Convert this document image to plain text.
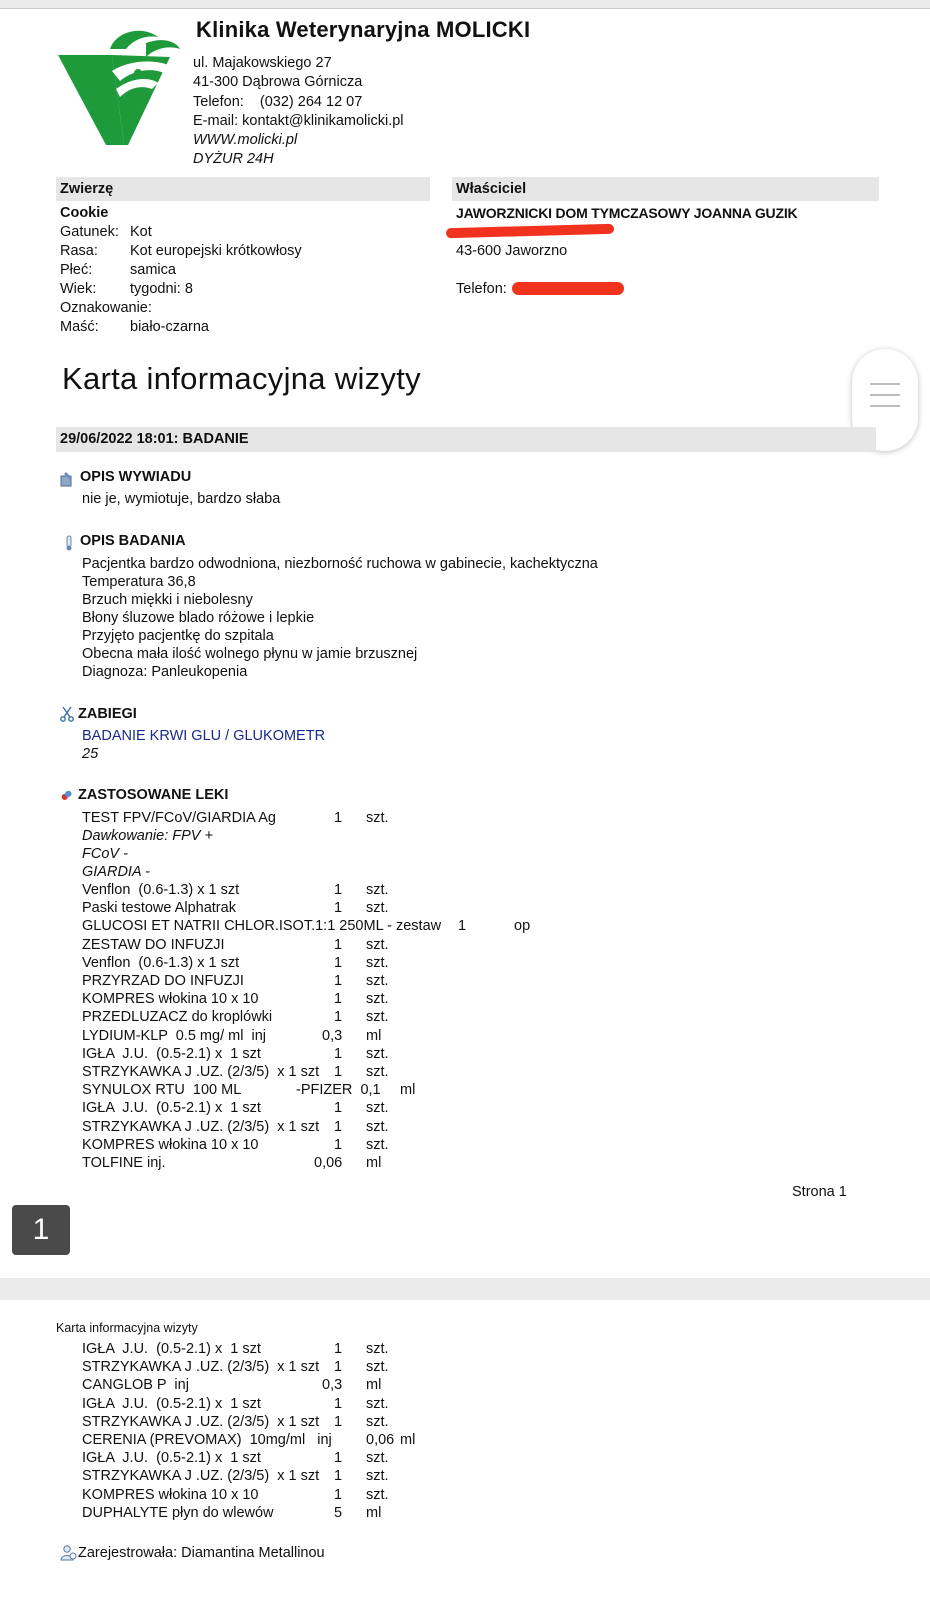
Klinika Weterynaryjna MOLICKI
ul. Majakowskiego 27
41-300 Dąbrowa Górnicza
Telefon:    (032) 264 12 07
E-mail: kontakt@klinikamolicki.pl
WWW.molicki.pl
DYŻUR 24H
Zwierzę	Właściciel
Cookie
Gatunek: Kot
Rasa: Kot europejski krótkowłosy
Płeć:	samica
Wiek: tygodni: 8
Oznakowanie:
Maść: biało-czarna
JAWORZNICKI DOM TYMCZASOWY JOANNA GUZIK
43-600 Jaworzno
Telefon:
Karta informacyjna wizyty
29/06/2022 18:01: BADANIE
OPIS WYWIADU
nie je, wymiotuje, bardzo słaba
OPIS BADANIA
Pacjentka bardzo odwodniona, niezborność ruchowa w gabinecie, kachektyczna
Temperatura 36,8
Brzuch miękki i niebolesny
Błony śluzowe blado różowe i lepkie
Przyjęto pacjentkę do szpitala
Obecna mała ilość wolnego płynu w jamie brzusznej
Diagnoza: Panleukopenia
ZABIEGI
BADANIE KRWI GLU / GLUKOMETR
25
ZASTOSOWANE LEKI
TEST FPV/FCoV/GIARDIA Ag	1 szt.
Dawkowanie: FPV +
FCoV -
GIARDIA -
Strona 1
Venflon  (0.6-1.3) x 1 szt	1 szt.
Paski testowe Alphatrak	1 szt.
GLUCOSI ET NATRII CHLOR.ISOT.1:1 250ML - zestaw 1	op
ZESTAW DO INFUZJI	1 szt.
Venflon  (0.6-1.3) x 1 szt	1 szt.
PRZYRZAD DO INFUZJI	1 szt.
KOMPRES włokina 10 x 10	1 szt.
PRZEDLUZACZ do kroplówki	1 szt.
LYDIUM-KLP  0.5 mg/ ml  inj	0,3 ml
IGŁA  J.U.  (0.5-2.1) x  1 szt	1 szt.
STRZYKAWKA J .UZ. (2/3/5)  x 1 szt 1 szt.
SYNULOX RTU  100 ML	-PFIZER  0,1 ml
IGŁA  J.U.  (0.5-2.1) x  1 szt	1 szt.
STRZYKAWKA J .UZ. (2/3/5)  x 1 szt 1 szt.
KOMPRES włokina 10 x 10	1 szt.
TOLFINE inj.	0,06 ml
1
Karta informacyjna wizyty
IGŁA  J.U.  (0.5-2.1) x  1 szt	1 szt.
STRZYKAWKA J .UZ. (2/3/5)  x 1 szt 1 szt.
CANGLOB P  inj	0,3 ml
IGŁA  J.U.  (0.5-2.1) x  1 szt	1 szt.
STRZYKAWKA J .UZ. (2/3/5)  x 1 szt 1 szt.
CERENIA (PREVOMAX)  10mg/ml   inj 0,06 ml
IGŁA  J.U.  (0.5-2.1) x  1 szt	1 szt.
STRZYKAWKA J .UZ. (2/3/5)  x 1 szt 1 szt.
KOMPRES włokina 10 x 10	1 szt.
DUPHALYTE płyn do wlewów	5 ml
Zarejestrowała: Diamantina Metallinou
